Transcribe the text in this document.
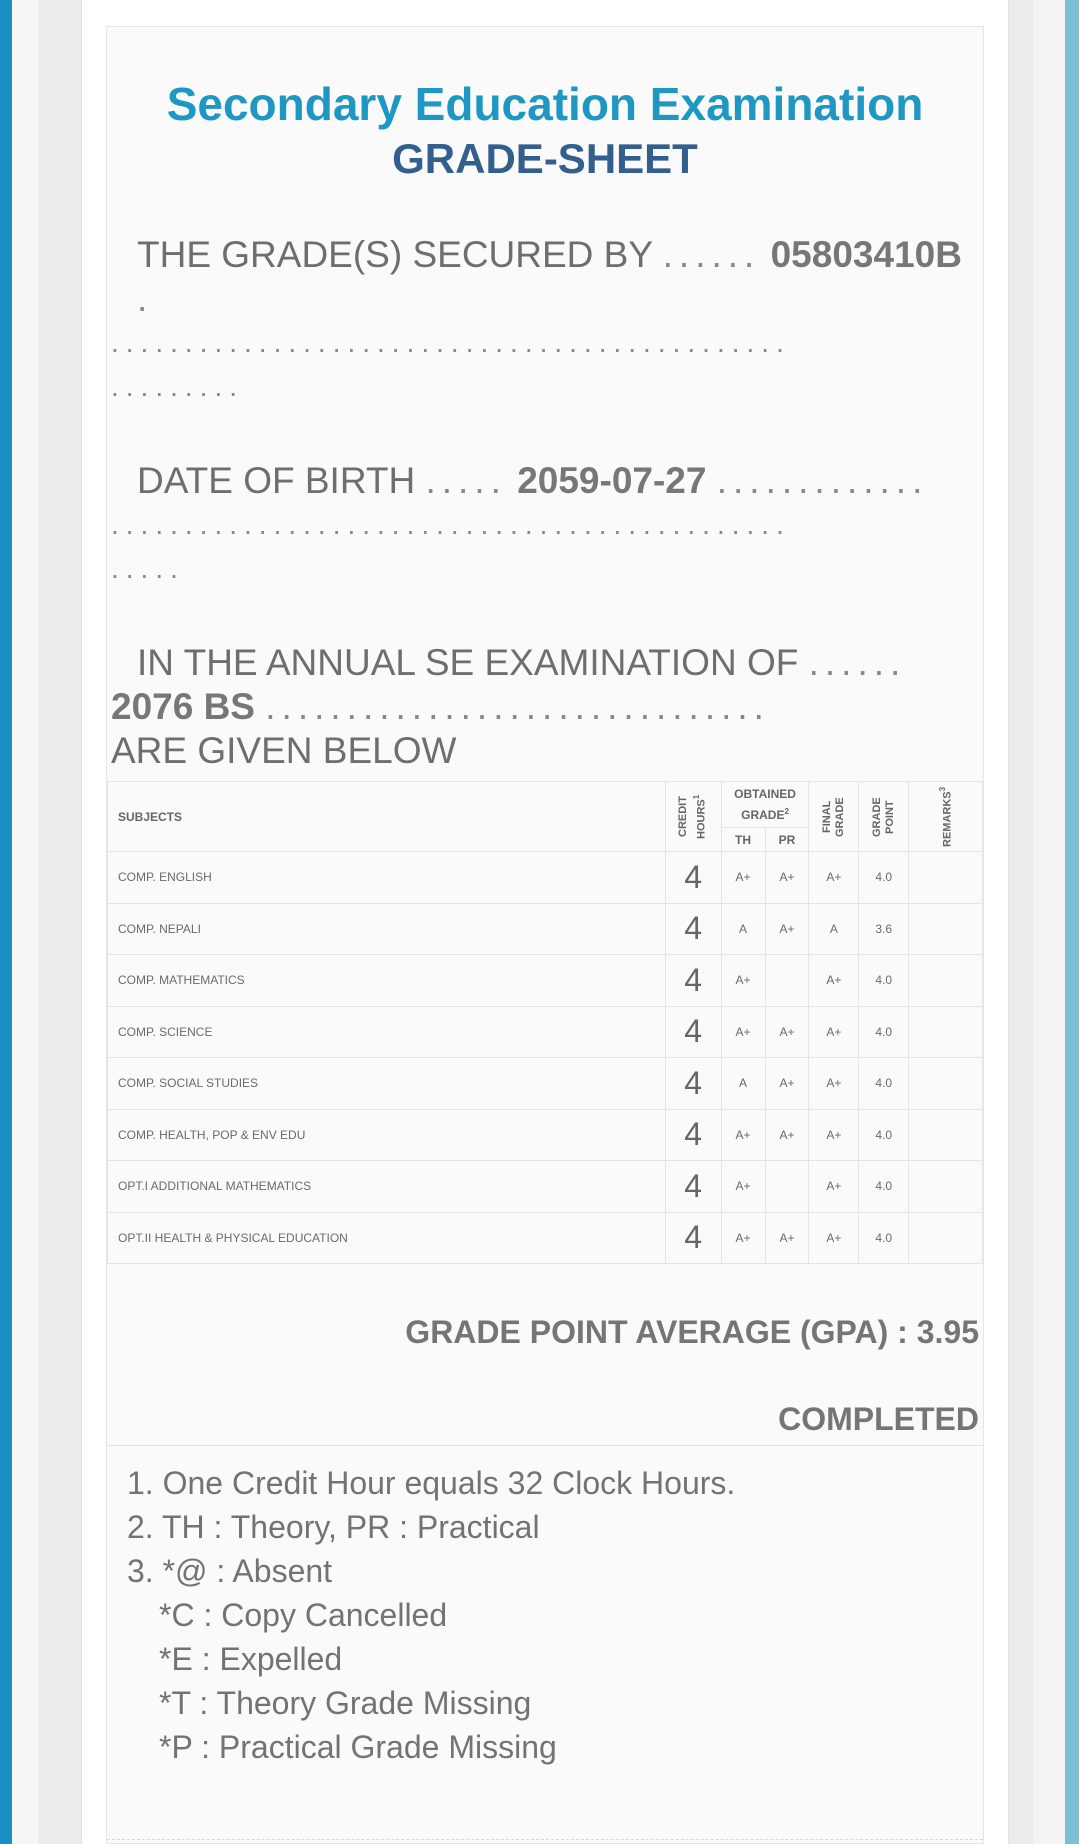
Secondary Education Examination
GRADE-SHEET
THE GRADE(S) SECURED BY ...... 05803410B .
..............................................
.........
DATE OF BIRTH ..... 2059-07-27 .............
..............................................
.....
IN THE ANNUAL SE EXAMINATION OF ......
2076 BS ...............................
ARE GIVEN BELOW
SUBJECTS	CREDIT HOURS$^1$	OBTAINED GRADE$^2$		FINAL GRADE	GRADE POINT	REMARKS$^3$

		TH	PR			
COMP. ENGLISH	4	A+	A+	A+	4.0	
COMP. NEPALI	4	A	A+	A	3.6	
COMP. MATHEMATICS	4	A+		A+	4.0	
COMP. SCIENCE	4	A+	A+	A+	4.0	
COMP. SOCIAL STUDIES	4	A	A+	A+	4.0	
COMP. HEALTH, POP & ENV EDU	4	A+	A+	A+	4.0	
OPT.I ADDITIONAL MATHEMATICS	4	A+		A+	4.0	
OPT.II HEALTH & PHYSICAL EDUCATION	4	A+	A+	A+	4.0	
GRADE POINT AVERAGE (GPA) : 3.95
COMPLETED
1. One Credit Hour equals 32 Clock Hours.
2. TH : Theory, PR : Practical
3. *@ : Absent
*C : Copy Cancelled
*E : Expelled
*T : Theory Grade Missing
*P : Practical Grade Missing
